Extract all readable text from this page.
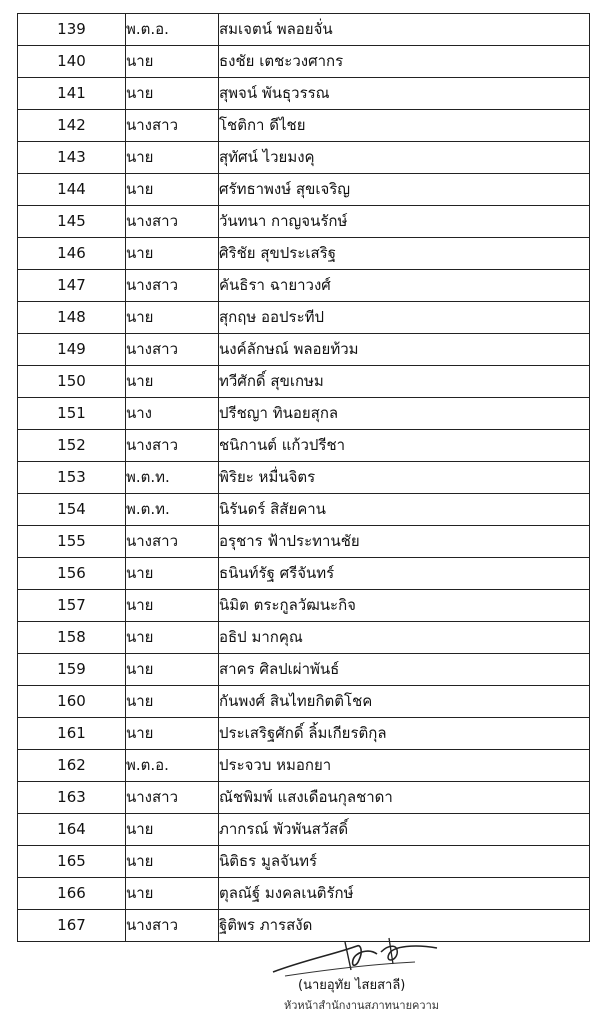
139	พ.ต.อ.	สมเจตน์ พลอยจั่น
140	นาย	ธงชัย เตชะวงศากร
141	นาย	สุพจน์ พันธุวรรณ
142	นางสาว	โชติกา ดีไชย
143	นาย	สุทัศน์ ไวยมงคุ
144	นาย	ศรัทธาพงษ์ สุขเจริญ
145	นางสาว	วันทนา กาญจนรักษ์
146	นาย	ศิริชัย สุขประเสริฐ
147	นางสาว	คันธิรา ฉายาวงศ์
148	นาย	สุกฤษ ออประทีป
149	นางสาว	นงค์ลักษณ์ พลอยท้วม
150	นาย	ทวีศักดิ์ สุขเกษม
151	นาง	ปรีชญา ทินอยสุกล
152	นางสาว	ชนิกานต์ แก้วปรีชา
153	พ.ต.ท.	พิริยะ หมื่นจิตร
154	พ.ต.ท.	นิรันดร์ สิสัยคาน
155	นางสาว	อรุชาร ฟ้าประทานชัย
156	นาย	ธนินท์รัฐ ศรีจันทร์
157	นาย	นิมิต ตระกูลวัฒนะกิจ
158	นาย	อธิป มากคุณ
159	นาย	สาคร ศิลปเผ่าพันธ์
160	นาย	กันพงศ์ สินไทยกิตติโชค
161	นาย	ประเสริฐศักดิ์ ลิ้มเกียรติกุล
162	พ.ต.อ.	ประจวบ หมอกยา
163	นางสาว	ณัชพิมพ์ แสงเดือนกุลชาดา
164	นาย	ภากรณ์ พัวพันสวัสดิ์
165	นาย	นิติธร มูลจันทร์
166	นาย	ตุลณัฐ์ มงคลเนติรักษ์
167	นางสาว	ฐิติพร ภารสงัด
(นายอุทัย ไสยสาลี)
หัวหน้าสำนักงานสภาทนายความ
